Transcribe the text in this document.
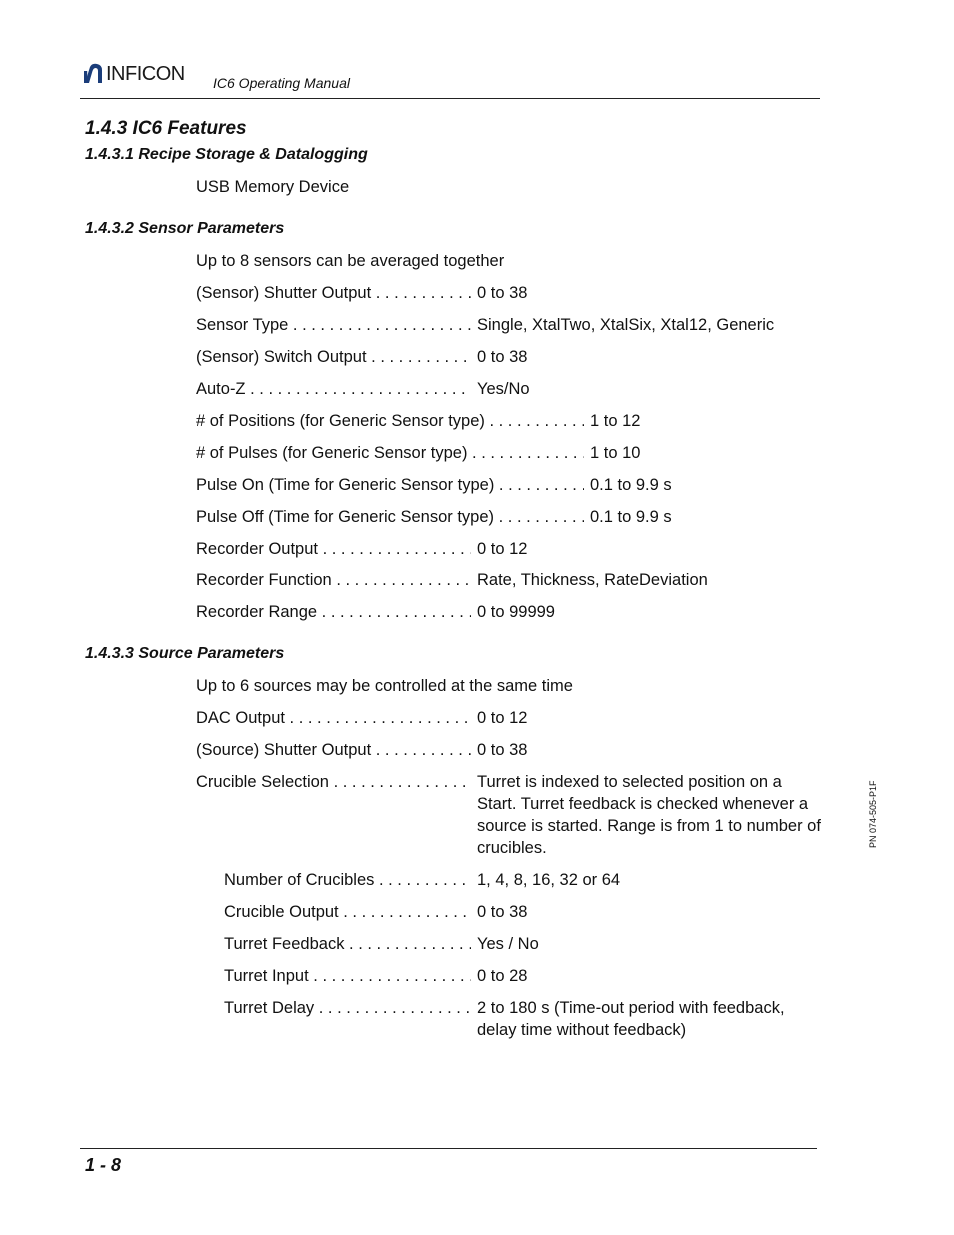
INFICON IC6 Operating Manual
1.4.3 IC6 Features
1.4.3.1 Recipe Storage & Datalogging
USB Memory Device
1.4.3.2 Sensor Parameters
Up to 8 sensors can be averaged together
(Sensor) Shutter Output . . .	0 to 38
Sensor Type . . .	Single, XtalTwo, XtalSix, Xtal12, Generic
(Sensor) Switch Output . . .	0 to 38
Auto-Z . . .	Yes/No
# of Positions (for Generic Sensor type) . . .	1 to 12
# of Pulses (for Generic Sensor type) . . .	1 to 10
Pulse On (Time for Generic Sensor type) . . .	0.1 to 9.9 s
Pulse Off (Time for Generic Sensor type) . . .	0.1 to 9.9 s
Recorder Output . . .	0 to 12
Recorder Function . . .	Rate, Thickness, RateDeviation
Recorder Range . . .	0 to 99999
1.4.3.3 Source Parameters
Up to 6 sources may be controlled at the same time
DAC Output . . .	0 to 12
(Source) Shutter Output . . .	0 to 38
Crucible Selection . . .	Turret is indexed to selected position on a Start. Turret feedback is checked whenever a source is started. Range is from 1 to number of crucibles.
Number of Crucibles . . .	1, 4, 8, 16, 32 or 64
Crucible Output . . .	0 to 38
Turret Feedback . . .	Yes / No
Turret Input . . .	0 to 28
Turret Delay . . .	2 to 180 s (Time-out period with feedback, delay time without feedback)
PN 074-505-P1F
1 - 8
